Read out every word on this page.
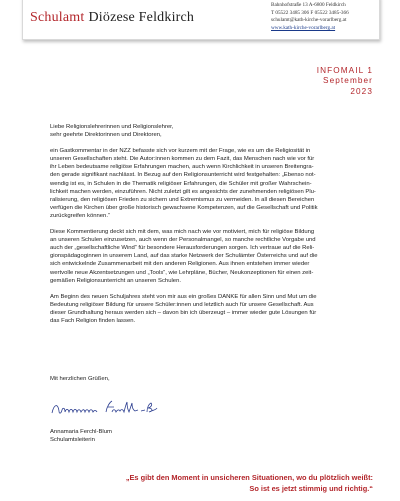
Schulamt Diözese Feldkirch
Bahnhofstraße 13 A-6800 Feldkirch
T 05522 3485 306 F 05522 3485-366
schulamt@kath-kirche-vorarlberg.at
www.kath-kirche-vorarlberg.at
INFOMAIL 1
September
2023

Liebe Religionslehrerinnen und Religionslehrer,

sehr geehrte Direktorinnen und Direktoren,

ein Gastkommentar in der NZZ befasste sich vor kurzem mit der Frage, wie es um die Religiosität in
unseren Gesellschaften steht. Die Autor:innen kommen zu dem Fazit, das Menschen nach wie vor für
ihr Leben bedeutsame religiöse Erfahrungen machen, auch wenn Kirchlichkeit in unseren Breitengra-
den gerade signifikant nachlässt. In Bezug auf den Religionsunterricht wird festgehalten: „Ebenso not-
wendig ist es, in Schulen in die Thematik religiöser Erfahrungen, die Schüler mit großer Wahrschein-
lichkeit machen werden, einzuführen. Nicht zuletzt gilt es angesichts der zunehmenden religiösen Plu-
ralisierung, den religiösen Frieden zu sichern und Extremismus zu vermeiden. In all diesen Bereichen
verfügen die Kirchen über große historisch gewachsene Kompetenzen, auf die Gesellschaft und Politik
zurückgreifen können.“

Diese Kommentierung deckt sich mit dem, was mich nach wie vor motiviert, mich für religiöse Bildung
an unseren Schulen einzusetzen, auch wenn der Personalmangel, so manche rechtliche Vorgabe und
auch der „gesellschaftliche Wind“ für besondere Herausforderungen sorgen. Ich vertraue auf die Reli-
gionspädagoginnen in unserem Land, auf das starke Netzwerk der Schulämter Österreichs und auf die
sich entwickelnde Zusammenarbeit mit den anderen Religionen. Aus ihnen entstehen immer wieder
wertvolle neue Akzentsetzungen und „Tools“, wie Lehrpläne, Bücher, Neukonzeptionen für einen zeit-
gemäßen Religionsunterricht an unseren Schulen.

Am Beginn des neuen Schuljahres steht von mir aus ein großes DANKE für allen Sinn und Mut um die
Bedeutung religiöser Bildung für unsere Schüler:innen und letztlich auch für unsere Gesellschaft. Aus
dieser Grundhaltung heraus werden sich – davon bin ich überzeugt – immer wieder gute Lösungen für
das Fach Religion finden lassen.

Mit herzlichen Grüßen,
Annamaria Ferchl-Blum
Schulamtsleiterin
„Es gibt den Moment in unsicheren Situationen, wo du plötzlich weißt:
So ist es jetzt stimmig und richtig.“
